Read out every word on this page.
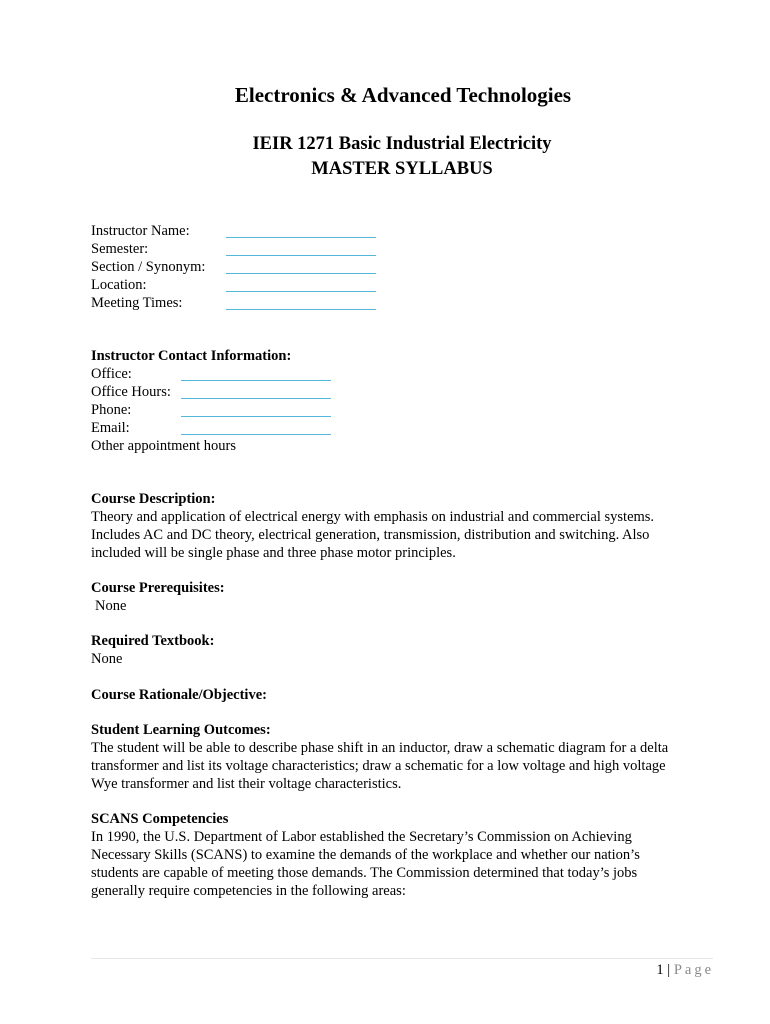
Electronics & Advanced Technologies
IEIR 1271 Basic Industrial Electricity
MASTER SYLLABUS
Instructor Name:
Semester:
Section / Synonym:
Location:
Meeting Times:

Instructor Contact Information:

Office:
Office Hours:
Phone:
Email:

Other appointment hours

Course Description:

Theory and application of electrical energy with emphasis on industrial and commercial systems.

Includes AC and DC theory, electrical generation, transmission, distribution and switching. Also

included will be single phase and three phase motor principles.

Course Prerequisites:

None

Required Textbook:

None

Course Rationale/Objective:

Student Learning Outcomes:

The student will be able to describe phase shift in an inductor, draw a schematic diagram for a delta

transformer and list its voltage characteristics; draw a schematic for a low voltage and high voltage

Wye transformer and list their voltage characteristics.

SCANS Competencies

In 1990, the U.S. Department of Labor established the Secretary’s Commission on Achieving

Necessary Skills (SCANS) to examine the demands of the workplace and whether our nation’s

students are capable of meeting those demands. The Commission determined that today’s jobs

generally require competencies in the following areas:

1 | Page
